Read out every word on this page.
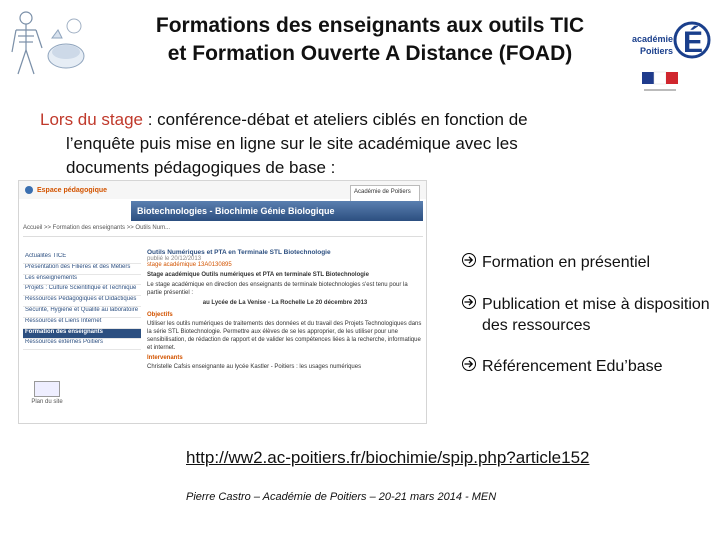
Formations des enseignants aux outils TIC
et Formation Ouverte A Distance (FOAD)
académie
Poitiers É
Lors du stage : conférence-débat et ateliers ciblés en fonction de
l’enquête puis mise en ligne sur le site académique avec les
documents pédagogiques de base :
Espace pédagogique	Académie de Poitiers
Biotechnologies - Biochimie Génie Biologique
Accueil >> Formation des enseignants >> Outils Num...
Actualités TICE
Présentation des Filières et des Métiers
Les enseignements
Projets : Culture Scientifique et Technique
Ressources Pédagogiques et Didactiques
Sécurité, Hygiène et Qualité au laboratoire
Ressources et Liens Internet
Formation des enseignants
Ressources externes Poitiers
Plan du site
Outils Numériques et PTA en Terminale STL Biotechnologie
publié le 20/12/2013
stage académique 13A0130895
Stage académique Outils numériques et PTA en terminale STL Biotechnologie
Le stage académique en direction des enseignants de terminale biotechnologies s'est tenu pour la partie présentiel :
au Lycée de La Venise - La Rochelle Le 20 décembre 2013
Objectifs
Utiliser les outils numériques de traitements des données et du travail des Projets Technologiques dans la série STL Biotechnologie. Permettre aux élèves de se les approprier, de les utiliser pour une sensibilisation, de rédaction de rapport et de valider les compétences liées à la recherche, informatique et internet.
Intervenants
Christelle Cafsis enseignante au lycée Kastler - Poitiers : les usages numériques
Formation en présentiel
Publication et mise à disposition des ressources
Référencement Edu’base
http://ww2.ac-poitiers.fr/biochimie/spip.php?article152
Pierre Castro – Académie de Poitiers – 20-21 mars 2014 - MEN
